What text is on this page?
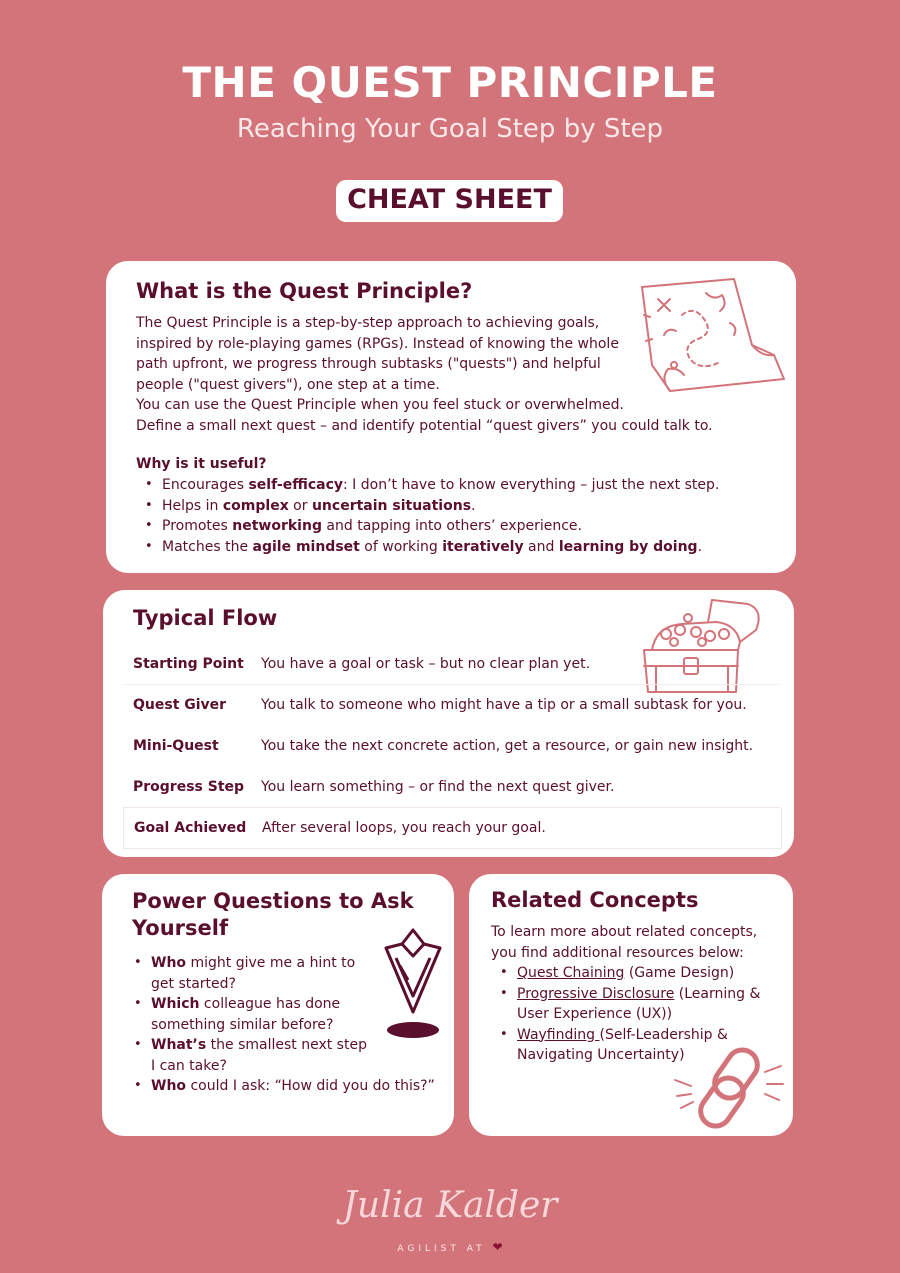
THE QUEST PRINCIPLE
Reaching Your Goal Step by Step
CHEAT SHEET
What is the Quest Principle?
The Quest Principle is a step-by-step approach to achieving goals,
inspired by role-playing games (RPGs). Instead of knowing the whole
path upfront, we progress through subtasks ("quests") and helpful
people ("quest givers"), one step at a time.
You can use the Quest Principle when you feel stuck or overwhelmed.
Define a small next quest – and identify potential “quest givers” you could talk to.
Why is it useful?
• Encourages self-efficacy: I don’t have to know everything – just the next step.
• Helps in complex or uncertain situations.
• Promotes networking and tapping into others’ experience.
• Matches the agile mindset of working iteratively and learning by doing.
Typical Flow
Starting Point You have a goal or task – but no clear plan yet.
Quest Giver You talk to someone who might have a tip or a small subtask for you.
Mini-Quest	You take the next concrete action, get a resource, or gain new insight.
Progress Step You learn something – or find the next quest giver.
Goal Achieved After several loops, you reach your goal.
Power Questions to Ask
Yourself
• Who might give me a hint to
get started?
• Which colleague has done
something similar before?
• What’s the smallest next step
I can take?
• Who could I ask: “How did you do this?”
Related Concepts
To learn more about related concepts,
you find additional resources below:
• Quest Chaining (Game Design)
• Progressive Disclosure (Learning &
User Experience (UX))
• Wayfinding (Self-Leadership &
Navigating Uncertainty)
Julia Kalder
AGILIST AT ❤
